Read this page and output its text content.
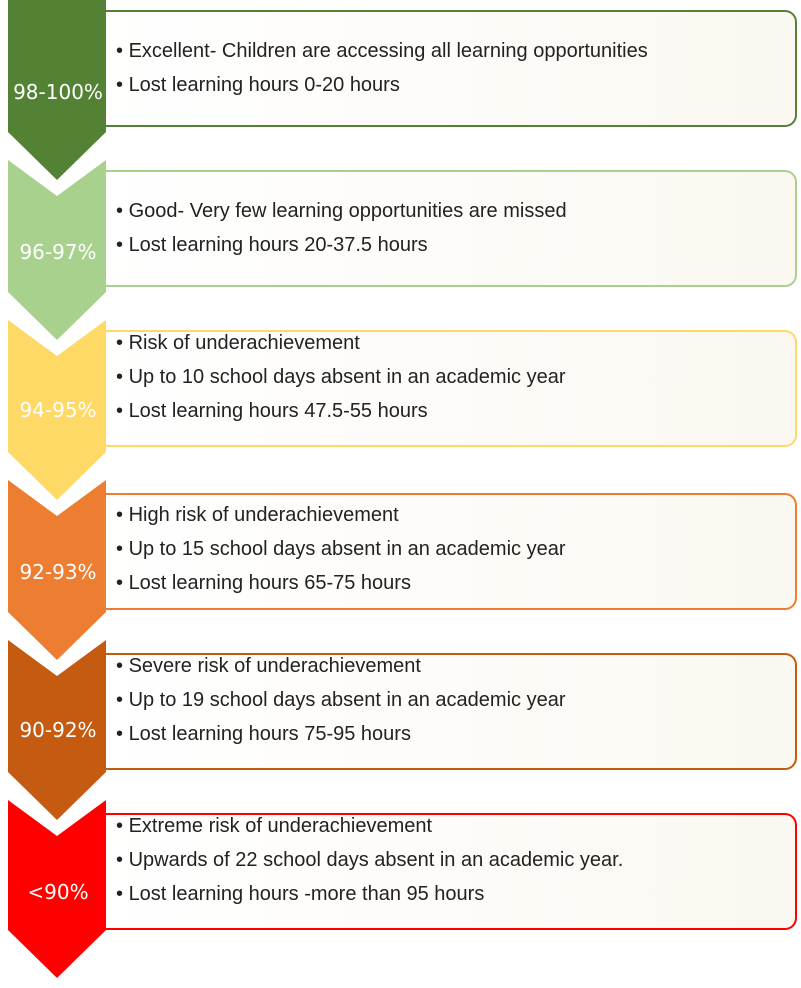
• Excellent- Children are accessing all learning opportunities
• Lost learning hours 0-20 hours
98-100%
• Good- Very few learning opportunities are missed
• Lost learning hours 20-37.5 hours
96-97%
• Risk of underachievement
• Up to 10 school days absent in an academic year
• Lost learning hours 47.5-55 hours
94-95%
• High risk of underachievement
• Up to 15 school days absent in an academic year
• Lost learning hours 65-75 hours
92-93%
• Severe risk of underachievement
• Up to 19 school days absent in an academic year
• Lost learning hours 75-95 hours
90-92%
• Extreme risk of underachievement
• Upwards of 22 school days absent in an academic year.
• Lost learning hours -more than 95 hours
<90%
